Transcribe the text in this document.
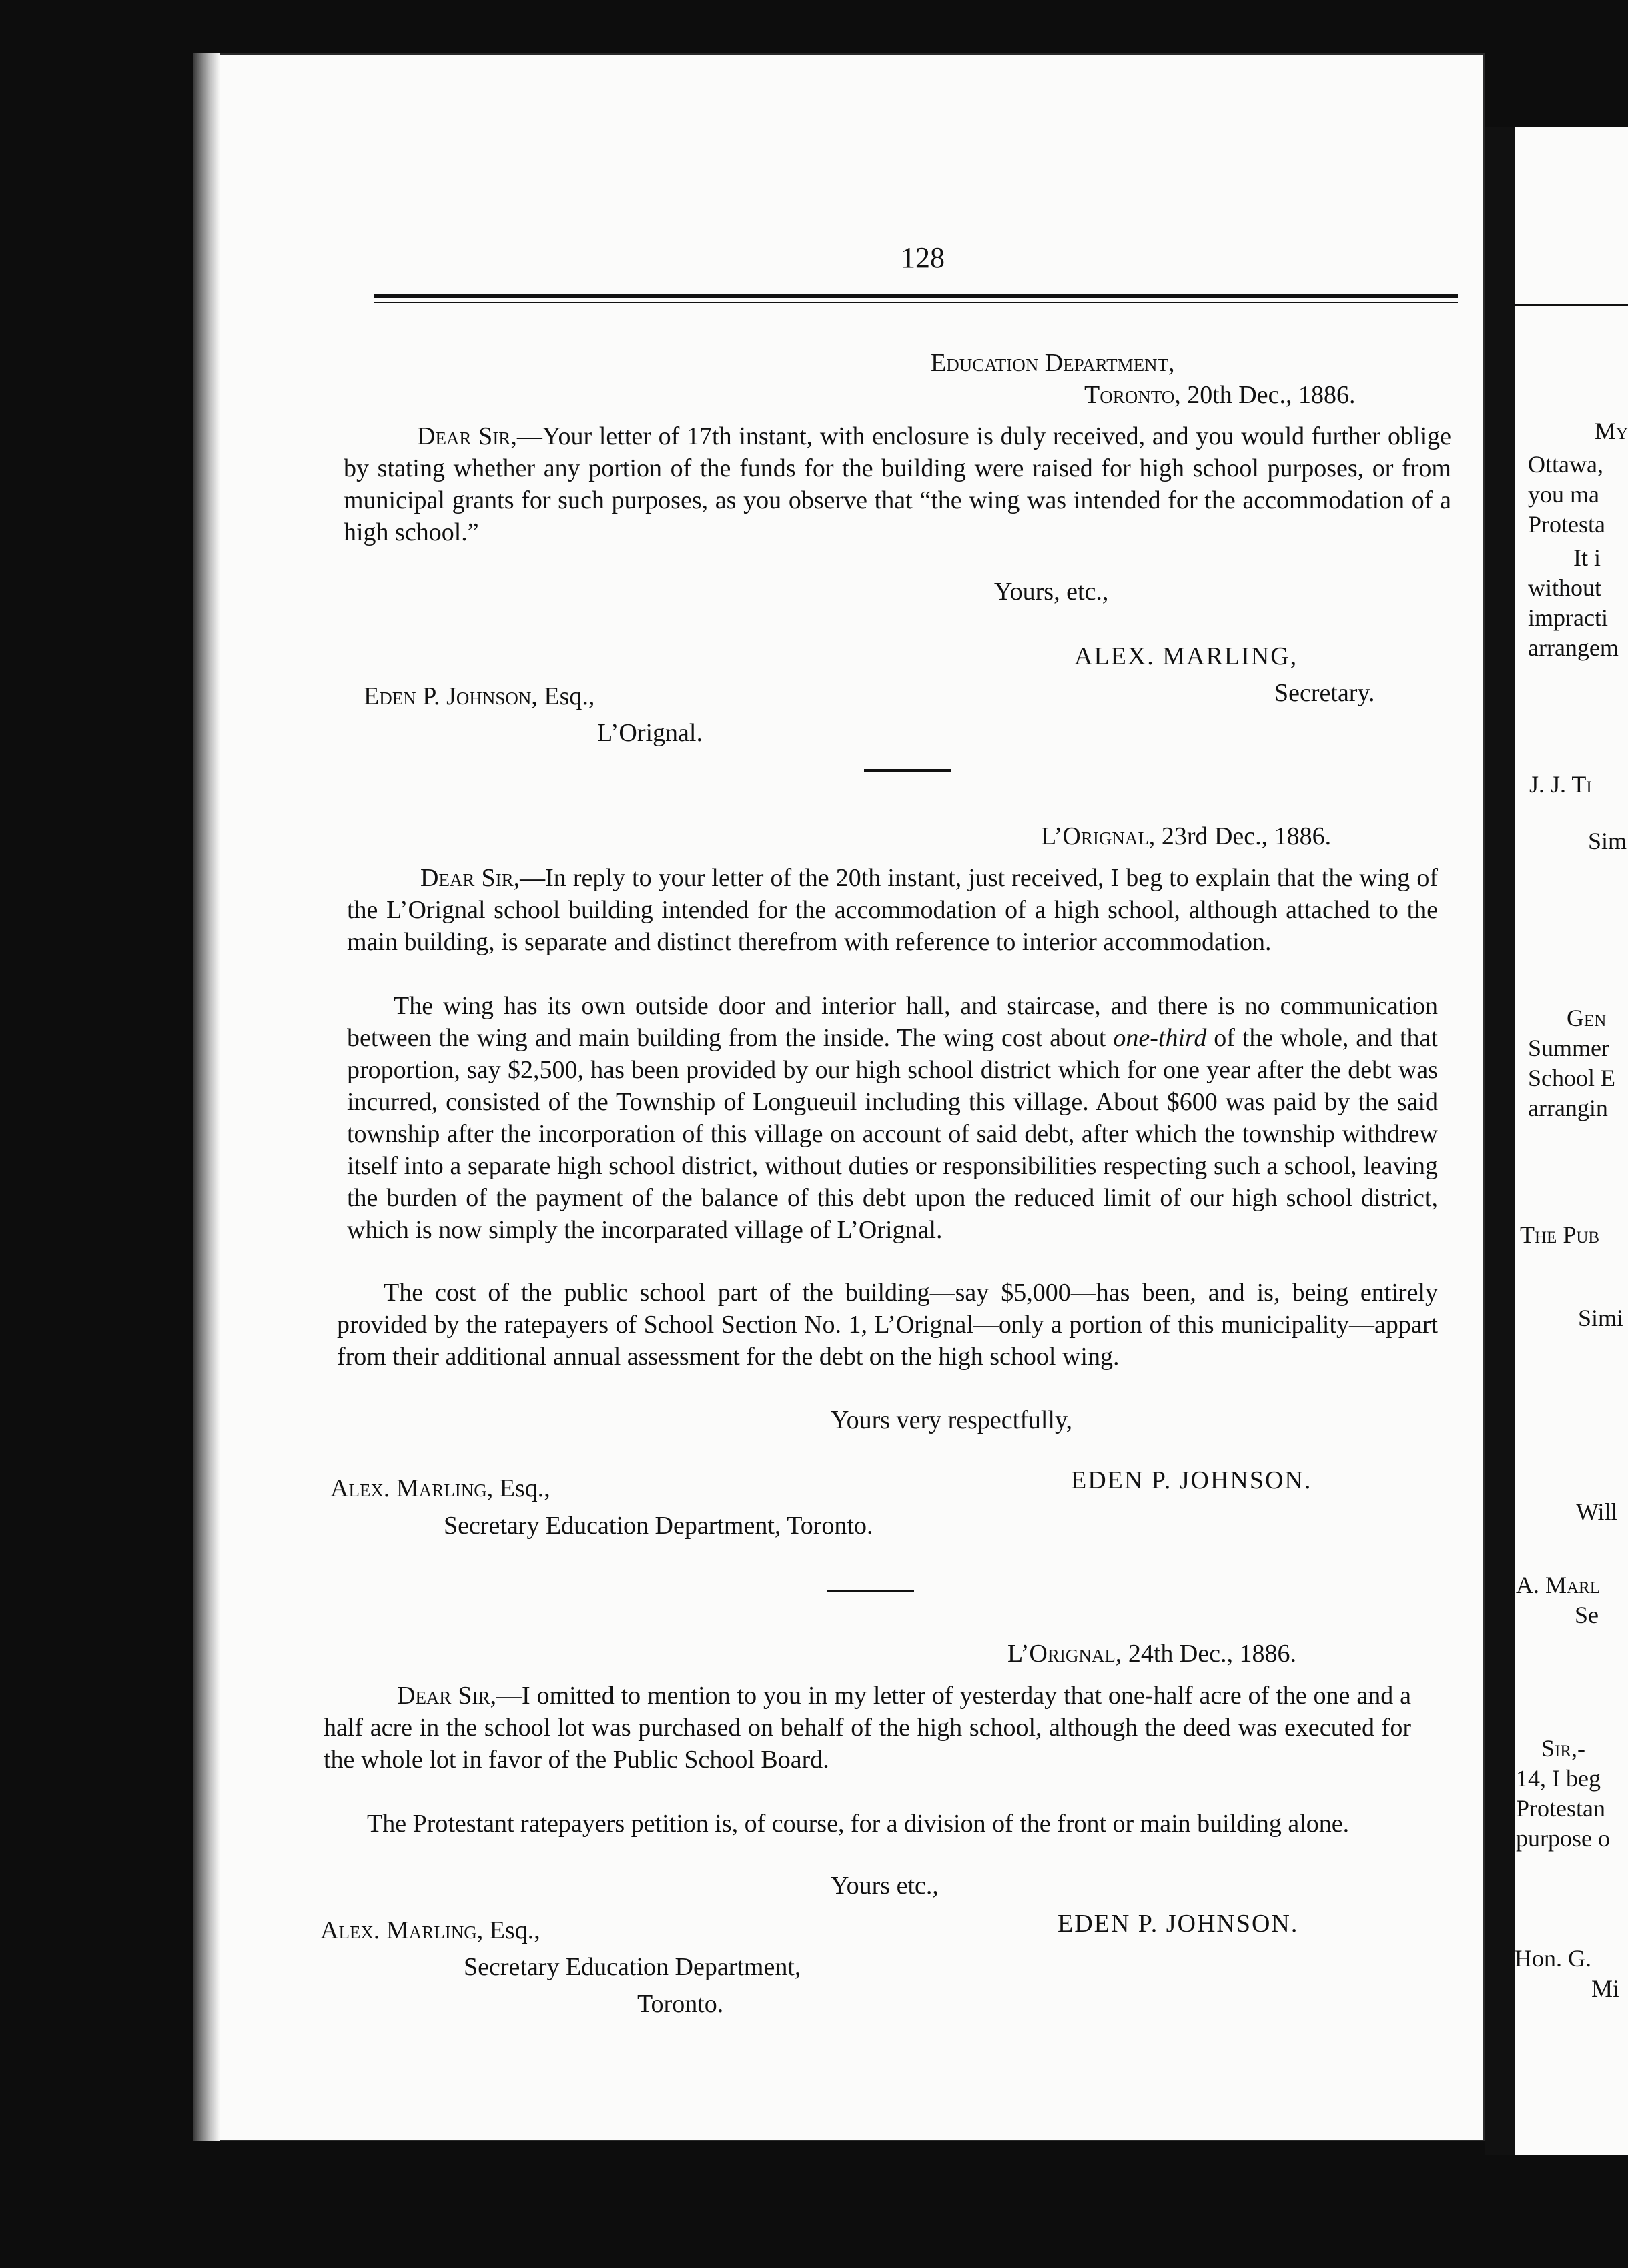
128
Education Department,
Toronto, 20th Dec., 1886.
Dear Sir,—Your letter of 17th instant, with enclosure is duly received, and you would further oblige by stating whether any portion of the funds for the building were raised for high school purposes, or from municipal grants for such purposes, as you observe that “the wing was intended for the accommodation of a high school.”
Yours, etc.,
ALEX. MARLING,
Secretary.
Eden P. Johnson, Esq.,
L’Orignal.
L’Orignal, 23rd Dec., 1886.
Dear Sir,—In reply to your letter of the 20th instant, just received, I beg to explain that the wing of the L’Orignal school building intended for the accommodation of a high school, although attached to the main building, is separate and distinct therefrom with reference to interior accommodation.
The wing has its own outside door and interior hall, and staircase, and there is no communication between the wing and main building from the inside. The wing cost about one-third of the whole, and that proportion, say $2,500, has been provided by our high school district which for one year after the debt was incurred, consisted of the Township of Longueuil including this village. About $600 was paid by the said township after the incorporation of this village on account of said debt, after which the township withdrew itself into a separate high school district, without duties or responsibilities respecting such a school, leaving the burden of the payment of the balance of this debt upon the reduced limit of our high school district, which is now simply the incorparated village of L’Orignal.
The cost of the public school part of the building—say $5,000—has been, and is, being entirely provided by the ratepayers of School Section No. 1, L’Orignal—only a portion of this municipality—appart from their additional annual assessment for the debt on the high school wing.
Yours very respectfully,
EDEN P. JOHNSON.
Alex. Marling, Esq.,
Secretary Education Department, Toronto.
L’Orignal, 24th Dec., 1886.
Dear Sir,—I omitted to mention to you in my letter of yesterday that one-half acre of the one and a half acre in the school lot was purchased on behalf of the high school, although the deed was executed for the whole lot in favor of the Public School Board.
The Protestant ratepayers petition is, of course, for a division of the front or main building alone.
Yours etc.,
EDEN P. JOHNSON.
Alex. Marling, Esq.,
Secretary Education Department,
Toronto.
My
Ottawa,
you ma
Protesta
It i
without
impracti
arrangem
J. J. Ti
Sim
Gen
Summer
School E
arrangin
The Pub
Simi
Will
A. Marl
Se
Sir,-
14, I beg
Protestan
purpose o
Hon. G.
Mi
